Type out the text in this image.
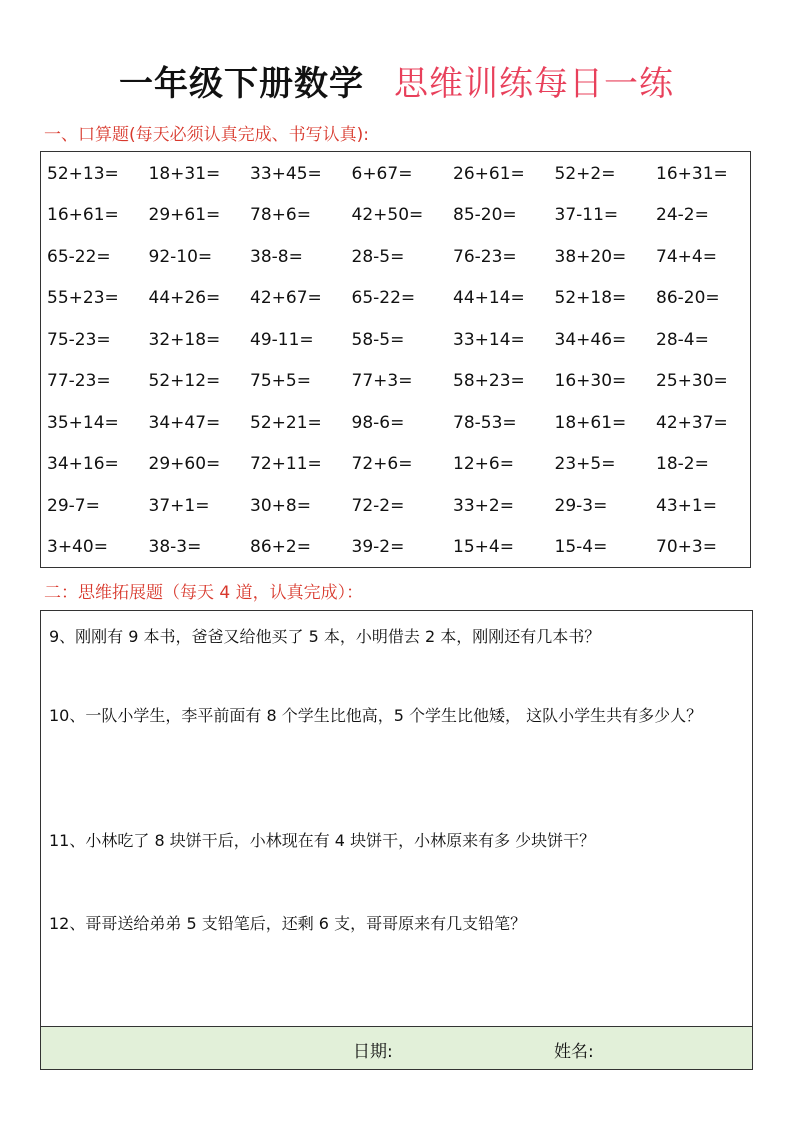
一年级下册数学 思维训练每日一练
一、口算题(每天必须认真完成、书写认真):
52+13=	18+31=	33+45=	6+67=	26+61=	52+2=	16+31=
16+61=	29+61=	78+6=	42+50=	85-20=	37-11=	24-2=
65-22=	92-10=	38-8=	28-5=	76-23=	38+20=	74+4=
55+23=	44+26=	42+67=	65-22=	44+14=	52+18=	86-20=
75-23=	32+18=	49-11=	58-5=	33+14=	34+46=	28-4=
77-23=	52+12=	75+5=	77+3=	58+23=	16+30=	25+30=
35+14=	34+47=	52+21=	98-6=	78-53=	18+61=	42+37=
34+16=	29+60=	72+11=	72+6=	12+6=	23+5=	18-2=
29-7=	37+1=	30+8=	72-2=	33+2=	29-3=	43+1=
3+40=	38-3=	86+2=	39-2=	15+4=	15-4=	70+3=
二：思维拓展题（每天 4 道，认真完成）：
9、刚刚有 9 本书，爸爸又给他买了 5 本，小明借去 2 本，刚刚还有几本书？
10、一队小学生，李平前面有 8 个学生比他高，5 个学生比他矮， 这队小学生共有多少人？
11、小林吃了 8 块饼干后，小林现在有 4 块饼干，小林原来有多 少块饼干？
12、哥哥送给弟弟 5 支铅笔后，还剩 6 支，哥哥原来有几支铅笔？
日期:	姓名:
